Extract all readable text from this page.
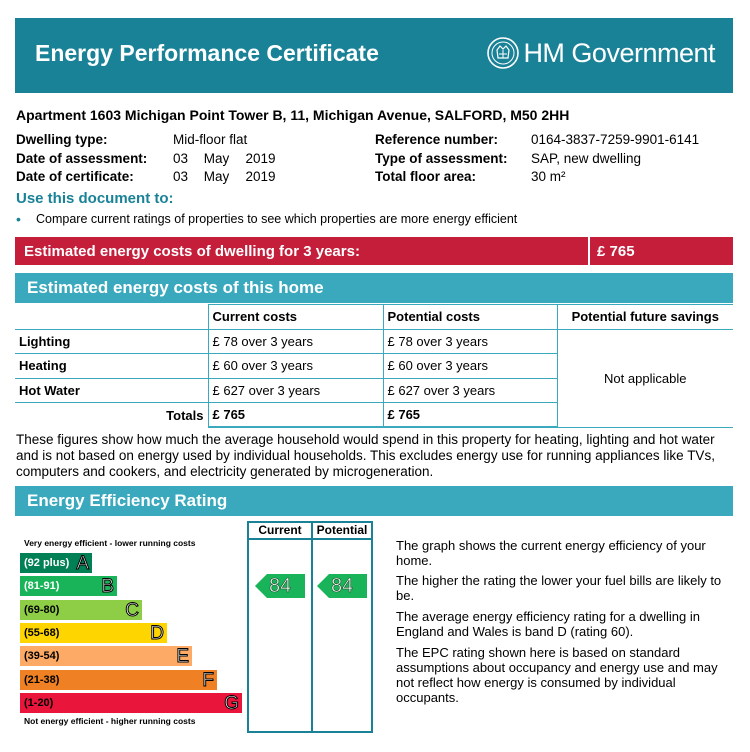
Energy Performance Certificate	HM Government
Apartment 1603 Michigan Point Tower B, 11, Michigan Avenue, SALFORD, M50 2HH
Dwelling type:	Mid-floor flat
Date of assessment:	03 May 2019
Date of certificate:	03 May 2019
Reference number:	0164-3837-7259-9901-6141
Type of assessment:	SAP, new dwelling
Total floor area:	30 m²
Use this document to:
•	Compare current ratings of properties to see which properties are more energy efficient
Estimated energy costs of dwelling for 3 years:	£ 765
Estimated energy costs of this home
	Current costs	Potential costs	Potential future savings
Lighting	£ 78 over 3 years	£ 78 over 3 years	Not applicable
Heating	£ 60 over 3 years	£ 60 over 3 years	
Hot Water	£ 627 over 3 years	£ 627 over 3 years	
Totals	£ 765	£ 765	
These figures show how much the average household would spend in this property for heating, lighting and hot water and is not based on energy used by individual households. This excludes energy use for running appliances like TVs, computers and cookers, and electricity generated by microgeneration.
Energy Efficiency Rating
Current	Potential
Very energy efficient - lower running costs
Not energy efficient - higher running costs
(92 plus) A
(81-91) B
(69-80)	C
(55-68)	D
(39-54)	E
(21-38)	F
(1-20)	G
84 84
The graph shows the current energy efficiency of your home.
The higher the rating the lower your fuel bills are likely to be.
The average energy efficiency rating for a dwelling in England and Wales is band D (rating 60).
The EPC rating shown here is based on standard assumptions about occupancy and energy use and may not reflect how energy is consumed by individual occupants.
